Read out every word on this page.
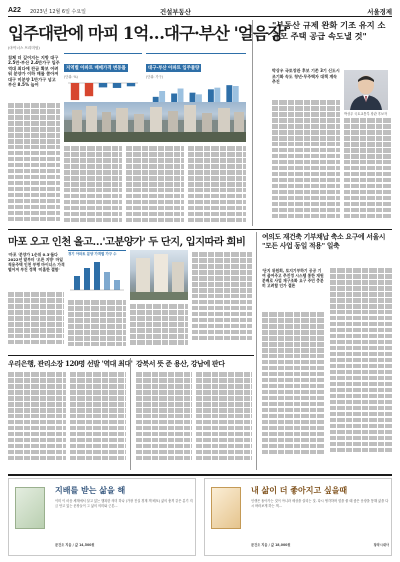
A22 2023년 12월 6일 수요일	건설부동산	서울경제
입주대란에 마피 1억…대구·부산 '얼음장'
(마이너스 프리미엄)
침체 더 깊어지는 지방 대구 2.5만·부산 2.4만가구 입주 역대 최다에 잔금 확보 어려워 분양가 이하 매물 쏟아져 대구 미분양 1만가구 넘고 부산 8.5% 늘어
지역별 아파트 매매가격 변동률
(단위: %)
대구·부산 아파트 입주물량
(단위: 가구)
"부동산 규제 완화 기조 유지 소규모 주택 공급 속도낼 것"
박상우 국토교통부 장관 후보자
박상우 국토장관 후보 기존 3기 신도시 조기화 속도 청년·무주택자 대책 계속 추진
마포 오고 인천 올고…'고분양가' 두 단지, 입지따라 희비
'마포 '분양가 1순위 0.3'돌다 2022년 말부터 '오른 지방' 마일 적용주택 인천 부평 마이너스 가격 떨어져 부진 정책 '미흡한 결함'
경기 아파트 분양 가격별 가구 수
여의도 재건축 기부채납 축소 요구에 서울시 "모든 사업 동일 적용" 일축
'단지 위원회, 토지기부하기 공공 기여 줄여주고 추진정 시스템 통한 재원 분배로 사업 재구조화 요구 주민 충분히 고려할 인가 결론
우리은행, 관리소장 120명 선발 '역대 최대' 강북서 뜻 준 용산, 강남에 판다
지배를 받는 삶을 해
이미 이 마음 세계에서 살고 있는 행복한 의미 하나 (가장 진실 경계 책 배포) 삶의 충격 같은 분기 지금 안고 있는 문장들이 그 삶의 의미와 근본...
문건오 지음 / 값 14,500원
내 삶이 더 좋아지고 싶을때
인생은 돌아가는 것이 아니라 세상을 살리는 것. 다시 생각하며 힘을 줄 때 좋은 문장을 통해 삶을 다시 바라보게 하는 책...
문건오 지음 / 값 18,000원	창작시대사
